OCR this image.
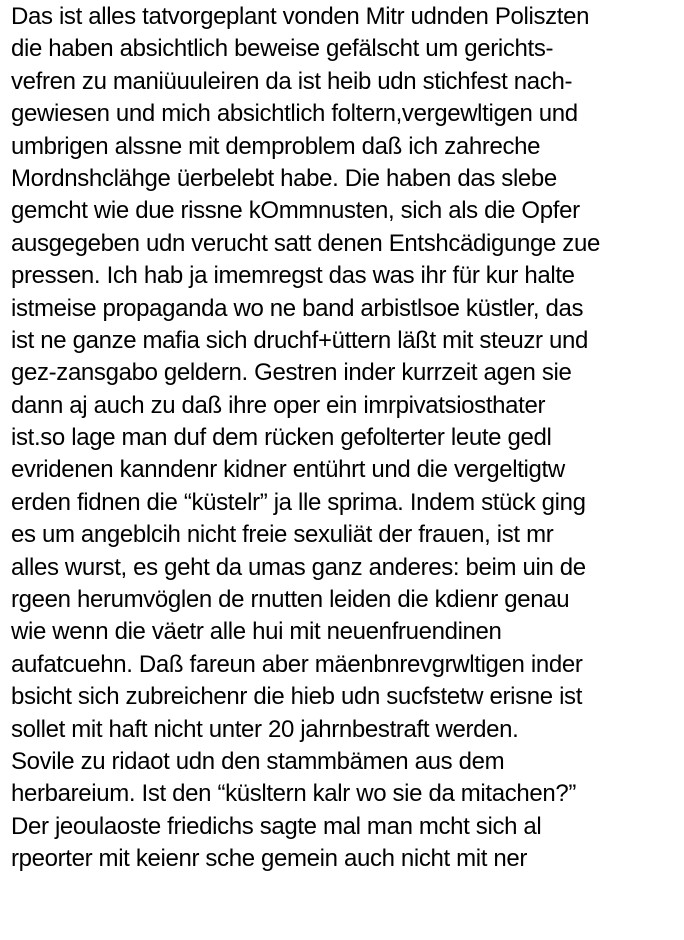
Das ist alles tatvorgeplant vonden Mitr udnden Poliszten
die haben absichtlich beweise gefälscht um gerichts-
vefren zu maniüuuleiren da ist heib udn stichfest nach-
gewiesen und mich absichtlich foltern,vergewltigen und
umbrigen alssne mit demproblem daß ich zahreche
Mordnshclähge üerbelebt habe. Die haben das slebe
gemcht wie due rissne kOmmnusten, sich als die Opfer
ausgegeben udn verucht satt denen Entshcädigunge zue
pressen. Ich hab ja imemregst das was ihr für kur halte
istmeise propaganda wo ne band arbistlsoe küstler, das
ist ne ganze mafia sich druchf+üttern läßt mit steuzr und
gez-zansgabo geldern. Gestren inder kurrzeit agen sie
dann aj auch zu daß ihre oper ein imrpivatsiosthater
ist.so lage man duf dem rücken gefolterter leute gedl
evridenen kanndenr kidner entührt und die vergeltigtw
erden fidnen die “küstelr” ja lle sprima. Indem stück ging
es um angeblcih nicht freie sexuliät der frauen, ist mr
alles wurst, es geht da umas ganz anderes: beim uin de
rgeen herumvöglen de rnutten leiden die kdienr genau
wie wenn die väetr alle hui mit neuenfruendinen
aufatcuehn. Daß fareun aber mäenbnrevgrwltigen inder
bsicht sich zubreichenr die hieb udn sucfstetw erisne ist
sollet mit haft nicht unter 20 jahrnbestraft werden.
Sovile zu ridaot udn den stammbämen aus dem
herbareium. Ist den “küsltern kalr wo sie da mitachen?”
Der jeoulaoste friedichs sagte mal man mcht sich al
rpeorter mit keienr sche gemein auch nicht mit ner
